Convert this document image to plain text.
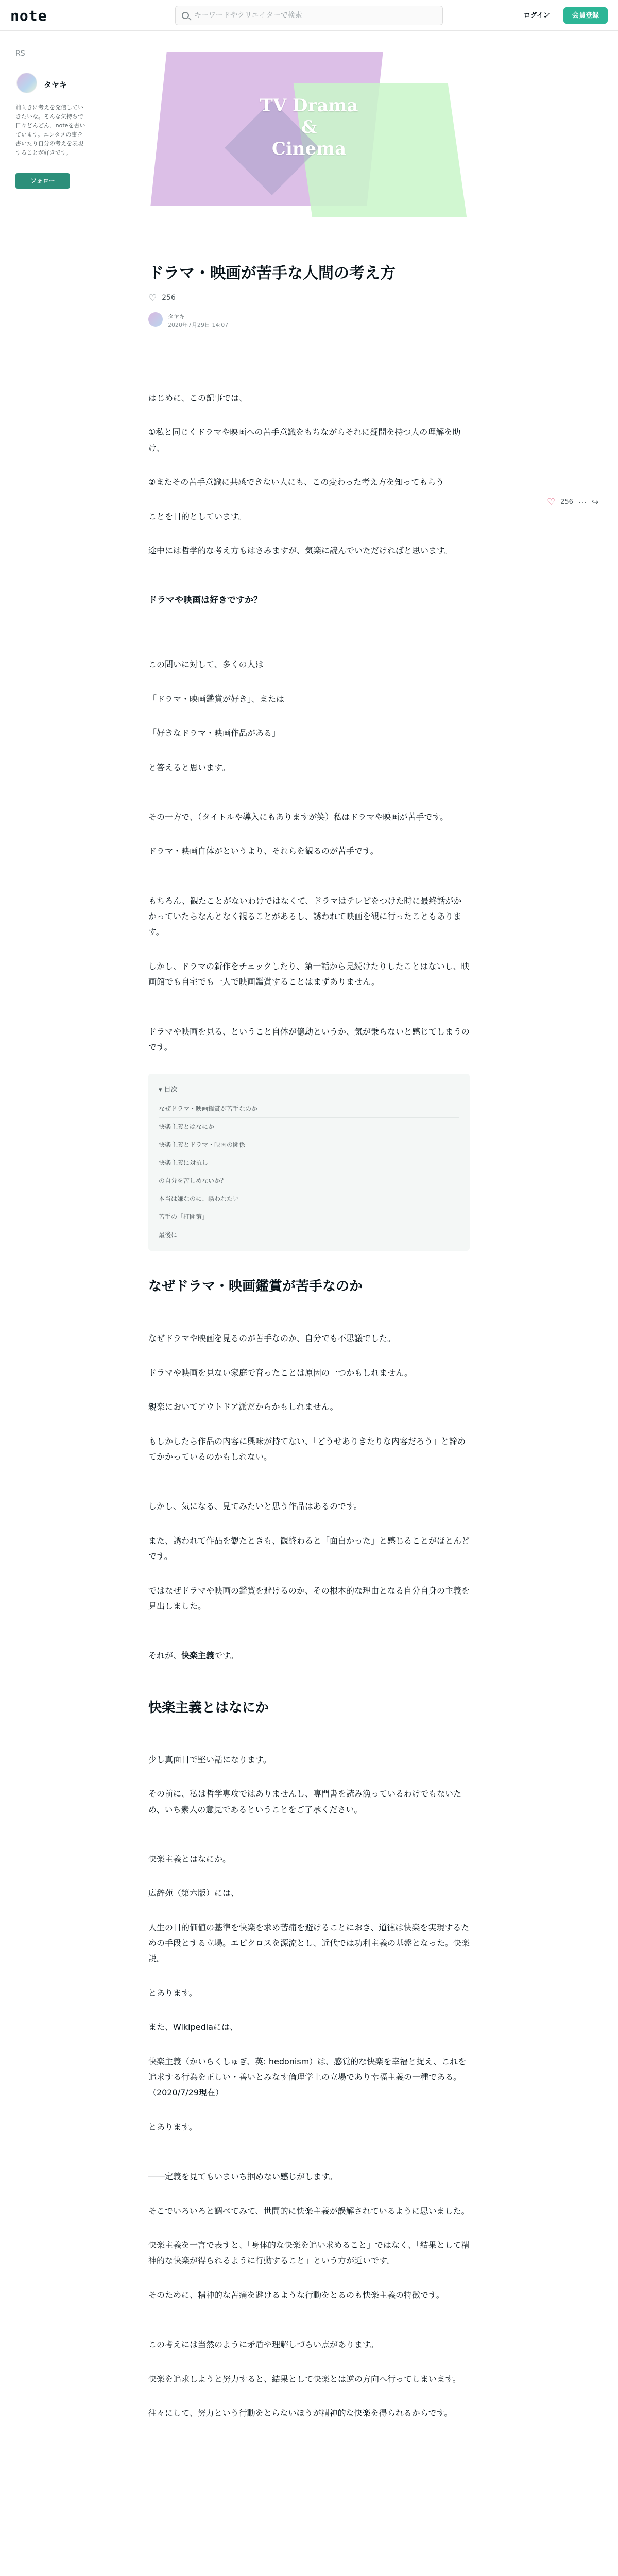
note
キーワードやクリエイターで検索	ログイン	会員登録
RS
タヤキ
前向きに考えを発信していきたいな。そんな気持ちで日々どんどん、noteを書いています。エンタメの事を書いたり自分の考えを表現することが好きです。
フォロー
TV Drama
&
Cinema
♡ 256 ⋯ ↪
ドラマ・映画が苦手な人間の考え方
♡ 256
タヤキ
2020年7月29日 14:07

はじめに、この記事では、

①私と同じくドラマや映画への苦手意識をもちながらそれに疑問を持つ人の理解を助け、

②またその苦手意識に共感できない人にも、この変わった考え方を知ってもらう

ことを目的としています。

途中には哲学的な考え方もはさみますが、気楽に読んでいただければと思います。

ドラマや映画は好きですか？

この問いに対して、多くの人は

「ドラマ・映画鑑賞が好き」、または

「好きなドラマ・映画作品がある」

と答えると思います。

その一方で、（タイトルや導入にもありますが笑）私はドラマや映画が苦手です。

ドラマ・映画自体がというより、それらを観るのが苦手です。

もちろん、観たことがないわけではなくて、ドラマはテレビをつけた時に最終話がかかっていたらなんとなく観ることがあるし、誘われて映画を観に行ったこともあります。

しかし、ドラマの新作をチェックしたり、第一話から見続けたりしたことはないし、映画館でも自宅でも一人で映画鑑賞することはまずありません。

ドラマや映画を見る、ということ自体が億劫というか、気が乗らないと感じてしまうのです。

▾ 目次
なぜドラマ・映画鑑賞が苦手なのか
快楽主義とはなにか
快楽主義とドラマ・映画の関係
快楽主義に対抗し
の自分を苦しめないか？
本当は嫌なのに、誘われたい
苦手の「打開策」
最後に
なぜドラマ・映画鑑賞が苦手なのか

なぜドラマや映画を見るのが苦手なのか、自分でも不思議でした。

ドラマや映画を見ない家庭で育ったことは原因の一つかもしれません。

親楽においてアウトドア派だからかもしれません。

もしかしたら作品の内容に興味が持てない、「どうせありきたりな内容だろう」と諦めてかかっているのかもしれない。

しかし、気になる、見てみたいと思う作品はあるのです。

また、誘われて作品を観たときも、観終わると「面白かった」と感じることがほとんどです。

ではなぜドラマや映画の鑑賞を避けるのか、その根本的な理由となる自分自身の主義を見出しました。

それが、快楽主義です。

快楽主義とはなにか

少し真面目で堅い話になります。

その前に、私は哲学専攻ではありませんし、専門書を読み漁っているわけでもないため、いち素人の意見であるということをご了承ください。

快楽主義とはなにか。

広辞苑（第六版）には、

人生の目的価値の基準を快楽を求め苦痛を避けることにおき、道徳は快楽を実現するための手段とする立場。エピクロスを源流とし、近代では功利主義の基盤となった。快楽説。

とあります。

また、Wikipediaには、

快楽主義（かいらくしゅぎ、英: hedonism）は、感覚的な快楽を幸福と捉え、これを追求する行為を正しい・善いとみなす倫理学上の立場であり幸福主義の一種である。（2020/7/29現在）

とあります。

――定義を見てもいまいち掴めない感じがします。

そこでいろいろと調べてみて、世間的に快楽主義が誤解されているように思いました。

快楽主義を一言で表すと、「身体的な快楽を追い求めること」ではなく、「結果として精神的な快楽が得られるように行動すること」という方が近いです。

そのために、精神的な苦痛を避けるような行動をとるのも快楽主義の特徴です。

この考えには当然のように矛盾や理解しづらい点があります。

快楽を追求しようと努力すると、結果として快楽とは逆の方向へ行ってしまいます。

往々にして、努力という行動をとらないほうが精神的な快楽を得られるからです。
